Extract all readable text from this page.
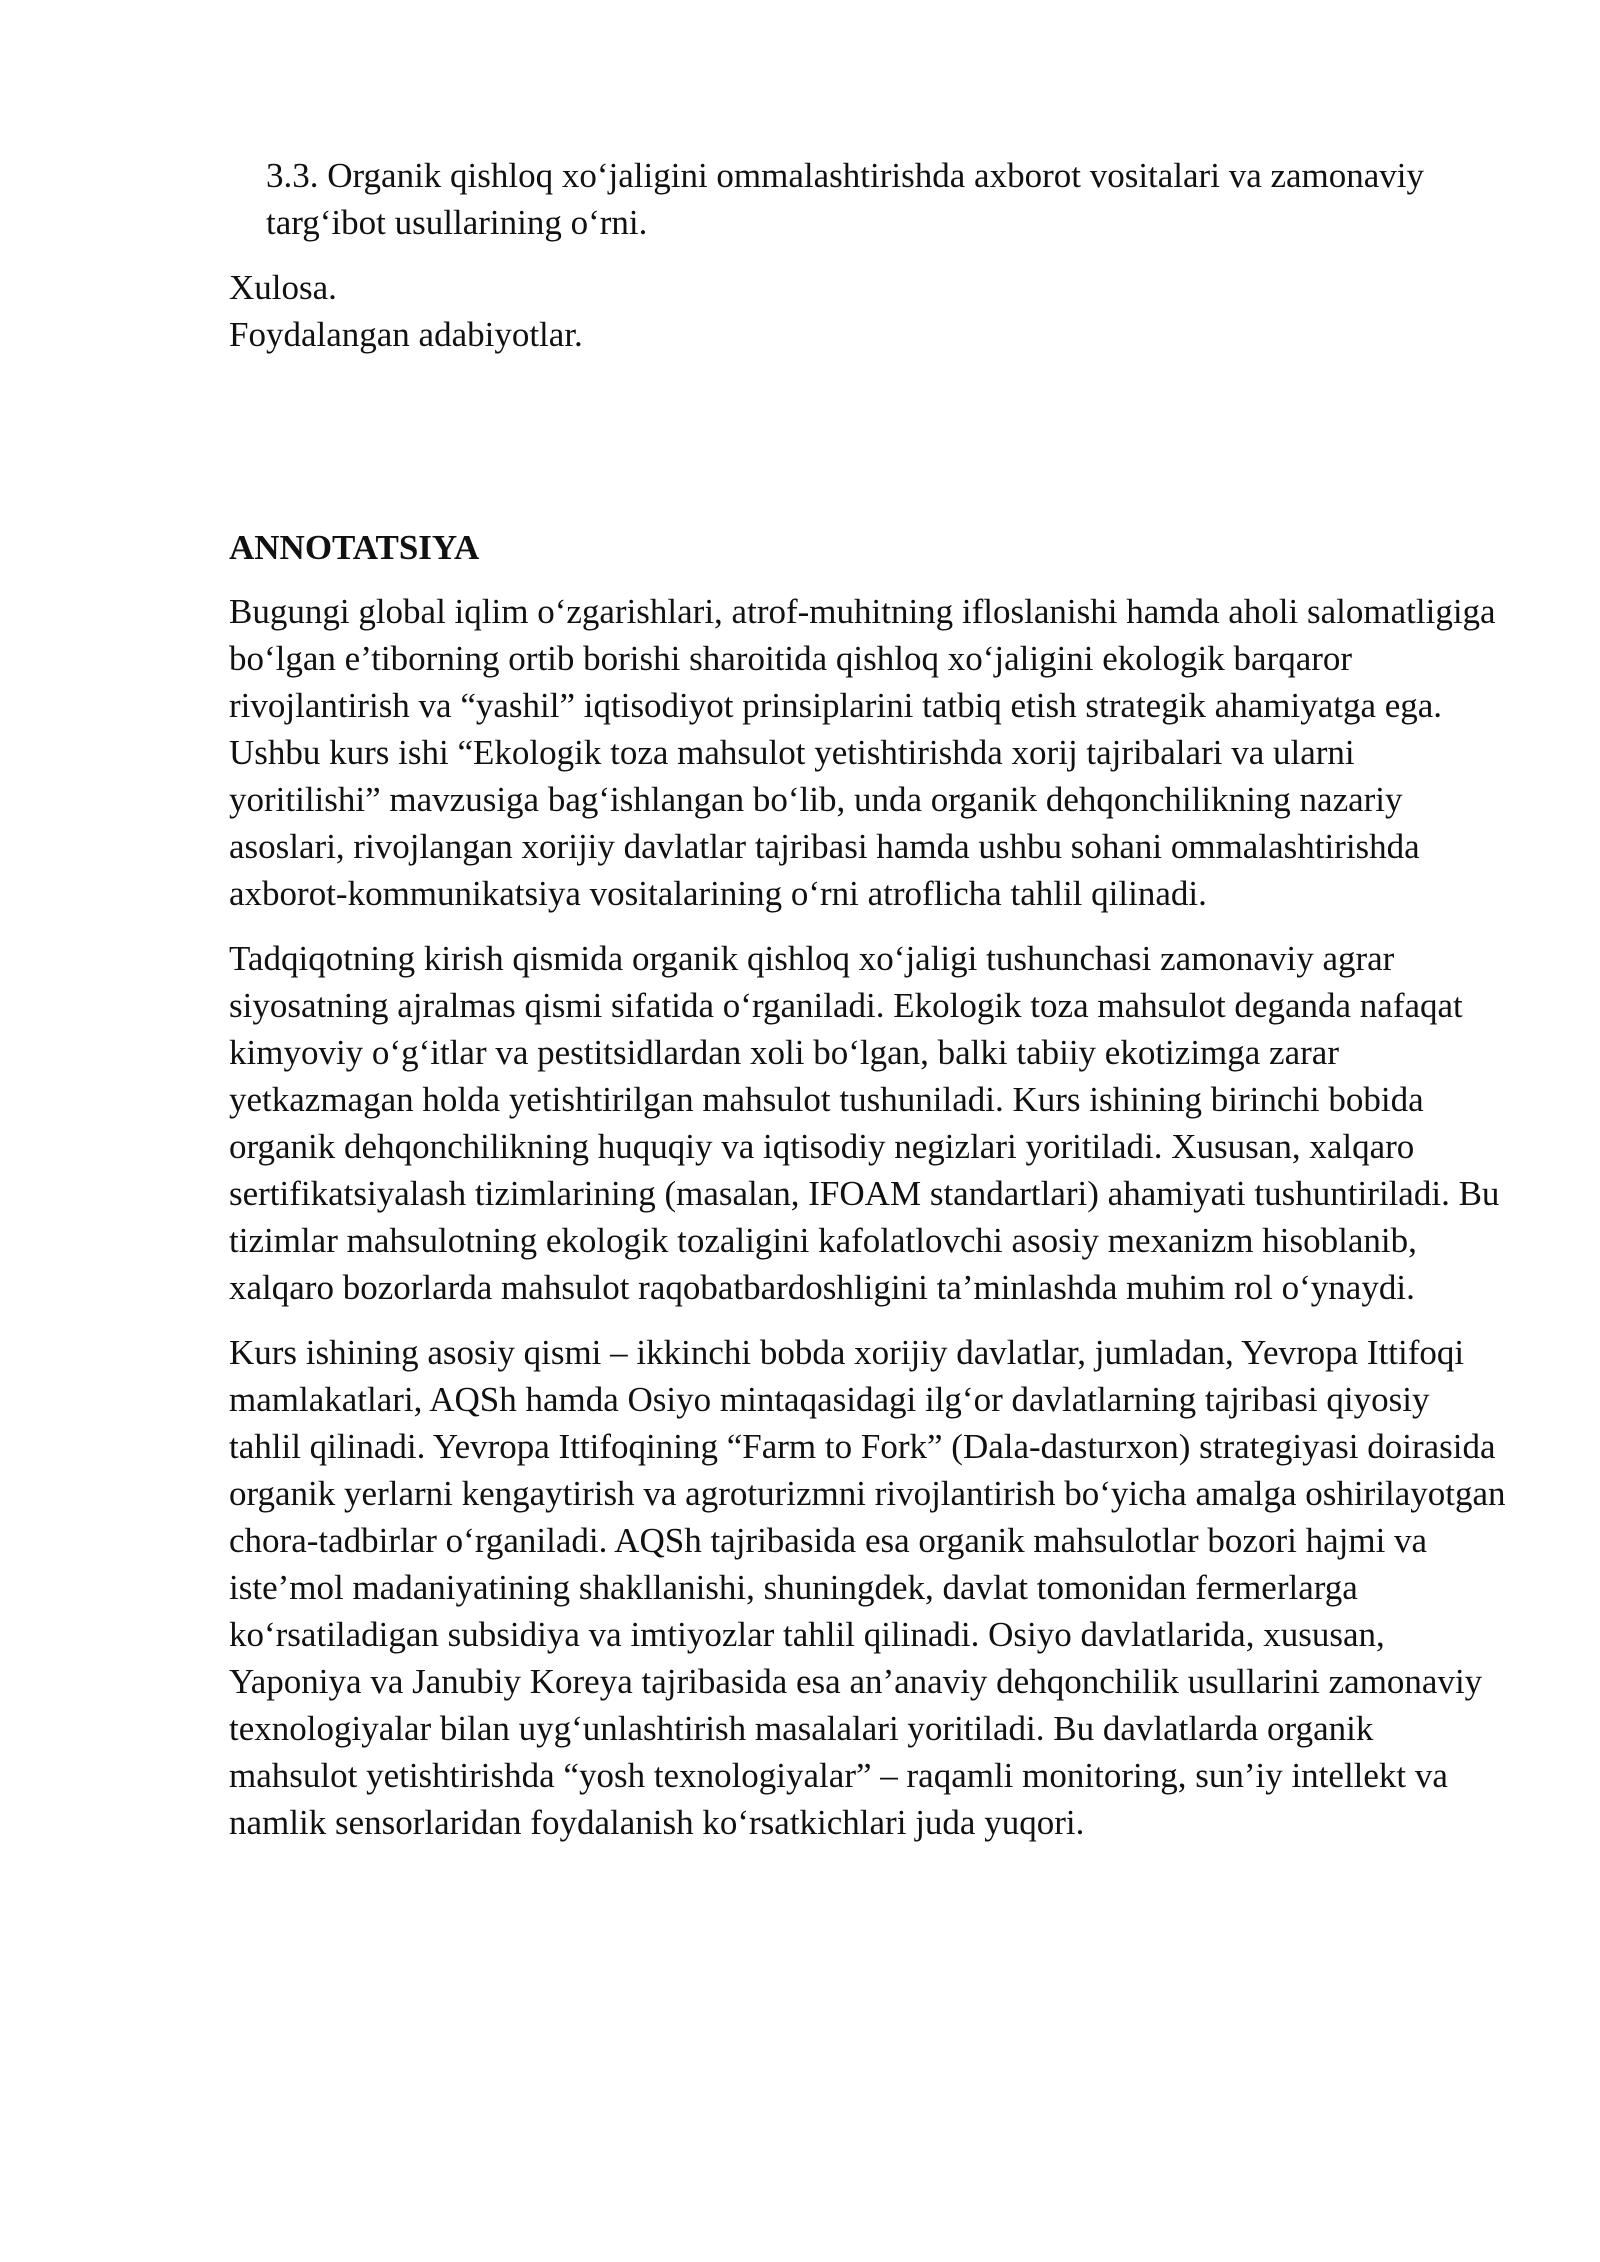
3.3. Organik qishloq xo‘jaligini ommalashtirishda axborot vositalari va zamonaviy targ‘ibot usullarining o‘rni.

Xulosa.
Foydalangan adabiyotlar.
ANNOTATSIYA

Bugungi global iqlim o‘zgarishlari, atrof-muhitning ifloslanishi hamda aholi salomatligiga bo‘lgan e’tiborning ortib borishi sharoitida qishloq xo‘jaligini ekologik barqaror rivojlantirish va “yashil” iqtisodiyot prinsiplarini tatbiq etish strategik ahamiyatga ega. Ushbu kurs ishi “Ekologik toza mahsulot yetishtirishda xorij tajribalari va ularni yoritilishi” mavzusiga bag‘ishlangan bo‘lib, unda organik dehqonchilikning nazariy asoslari, rivojlangan xorijiy davlatlar tajribasi hamda ushbu sohani ommalashtirishda axborot-kommunikatsiya vositalarining o‘rni atroflicha tahlil qilinadi.

Tadqiqotning kirish qismida organik qishloq xo‘jaligi tushunchasi zamonaviy agrar siyosatning ajralmas qismi sifatida o‘rganiladi. Ekologik toza mahsulot deganda nafaqat kimyoviy o‘g‘itlar va pestitsidlardan xoli bo‘lgan, balki tabiiy ekotizimga zarar yetkazmagan holda yetishtirilgan mahsulot tushuniladi. Kurs ishining birinchi bobida organik dehqonchilikning huquqiy va iqtisodiy negizlari yoritiladi. Xususan, xalqaro sertifikatsiyalash tizimlarining (masalan, IFOAM standartlari) ahamiyati tushuntiriladi. Bu tizimlar mahsulotning ekologik tozaligini kafolatlovchi asosiy mexanizm hisoblanib, xalqaro bozorlarda mahsulot raqobatbardoshligini ta’minlashda muhim rol o‘ynaydi.

Kurs ishining asosiy qismi – ikkinchi bobda xorijiy davlatlar, jumladan, Yevropa Ittifoqi mamlakatlari, AQSh hamda Osiyo mintaqasidagi ilg‘or davlatlarning tajribasi qiyosiy tahlil qilinadi. Yevropa Ittifoqining “Farm to Fork” (Dala-dasturxon) strategiyasi doirasida organik yerlarni kengaytirish va agroturizmni rivojlantirish bo‘yicha amalga oshirilayotgan chora-tadbirlar o‘rganiladi. AQSh tajribasida esa organik mahsulotlar bozori hajmi va iste’mol madaniyatining shakllanishi, shuningdek, davlat tomonidan fermerlarga ko‘rsatiladigan subsidiya va imtiyozlar tahlil qilinadi. Osiyo davlatlarida, xususan, Yaponiya va Janubiy Koreya tajribasida esa an’anaviy dehqonchilik usullarini zamonaviy texnologiyalar bilan uyg‘unlashtirish masalalari yoritiladi. Bu davlatlarda organik mahsulot yetishtirishda “yosh texnologiyalar” – raqamli monitoring, sun’iy intellekt va namlik sensorlaridan foydalanish ko‘rsatkichlari juda yuqori.
